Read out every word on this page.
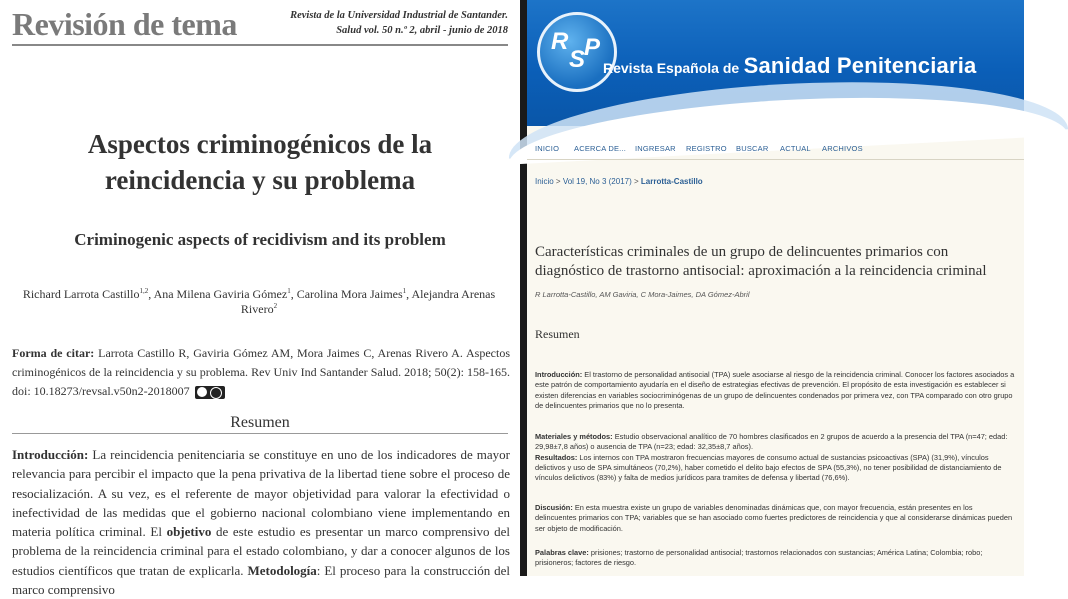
Revisión de tema	Revista de la Universidad Industrial de Santander.
Salud vol. 50 n.º 2, abril - junio de 2018
Aspectos criminogénicos de la reincidencia y su problema
Criminogenic aspects of recidivism and its problem
Richard Larrota Castillo$^{1,2}$, Ana Milena Gaviria Gómez$^1$, Carolina Mora Jaimes$^1$, Alejandra Arenas Rivero$^2$
Forma de citar: Larrota Castillo R, Gaviria Gómez AM, Mora Jaimes C, Arenas Rivero A. Aspectos criminogénicos de la reincidencia y su problema. Rev Univ Ind Santander Salud. 2018; 50(2): 158-165. doi: 10.18273/revsal.v50n2-2018007
Resumen
Introducción: La reincidencia penitenciaria se constituye en uno de los indicadores de mayor relevancia para percibir el impacto que la pena privativa de la libertad tiene sobre el proceso de resocialización. A su vez, es el referente de mayor objetividad para valorar la efectividad o inefectividad de las medidas que el gobierno nacional colombiano viene implementando en materia política criminal. El objetivo de este estudio es presentar un marco comprensivo del problema de la reincidencia criminal para el estado colombiano, y dar a conocer algunos de los estudios científicos que tratan de explicarla. Metodología: El proceso para la construcción del marco comprensivo
R
S
P
Revista Española de Sanidad Penitenciaria
INICIO ACERCA DE... INGRESAR REGISTRO BUSCAR ACTUAL ARCHIVOS
Inicio > Vol 19, No 3 (2017) > Larrotta-Castillo
Características criminales de un grupo de delincuentes primarios con diagnóstico de trastorno antisocial: aproximación a la reincidencia criminal
R Larrotta-Castillo, AM Gaviria, C Mora-Jaimes, DA Gómez-Abril
Resumen
Introducción: El trastorno de personalidad antisocial (TPA) suele asociarse al riesgo de la reincidencia criminal. Conocer los factores asociados a este patrón de comportamiento ayudaría en el diseño de estrategias efectivas de prevención. El propósito de esta investigación es establecer si existen diferencias en variables sociocriminógenas de un grupo de delincuentes condenados por primera vez, con TPA comparado con otro grupo de delincuentes primarios que no lo presenta.
Materiales y métodos: Estudio observacional analítico de 70 hombres clasificados en 2 grupos de acuerdo a la presencia del TPA (n=47; edad: 29,98±7,8 años) o ausencia de TPA (n=23; edad: 32,35±8,7 años).
Resultados: Los internos con TPA mostraron frecuencias mayores de consumo actual de sustancias psicoactivas (SPA) (31,9%), vínculos delictivos y uso de SPA simultáneos (70,2%), haber cometido el delito bajo efectos de SPA (55,3%), no tener posibilidad de distanciamiento de vínculos delictivos (83%) y falta de medios jurídicos para tramites de defensa y libertad (76,6%).
Discusión: En esta muestra existe un grupo de variables denominadas dinámicas que, con mayor frecuencia, están presentes en los delincuentes primarios con TPA; variables que se han asociado como fuertes predictores de reincidencia y que al considerarse dinámicas pueden ser objeto de modificación.
Palabras clave: prisiones; trastorno de personalidad antisocial; trastornos relacionados con sustancias; América Latina; Colombia; robo; prisioneros; factores de riesgo.
